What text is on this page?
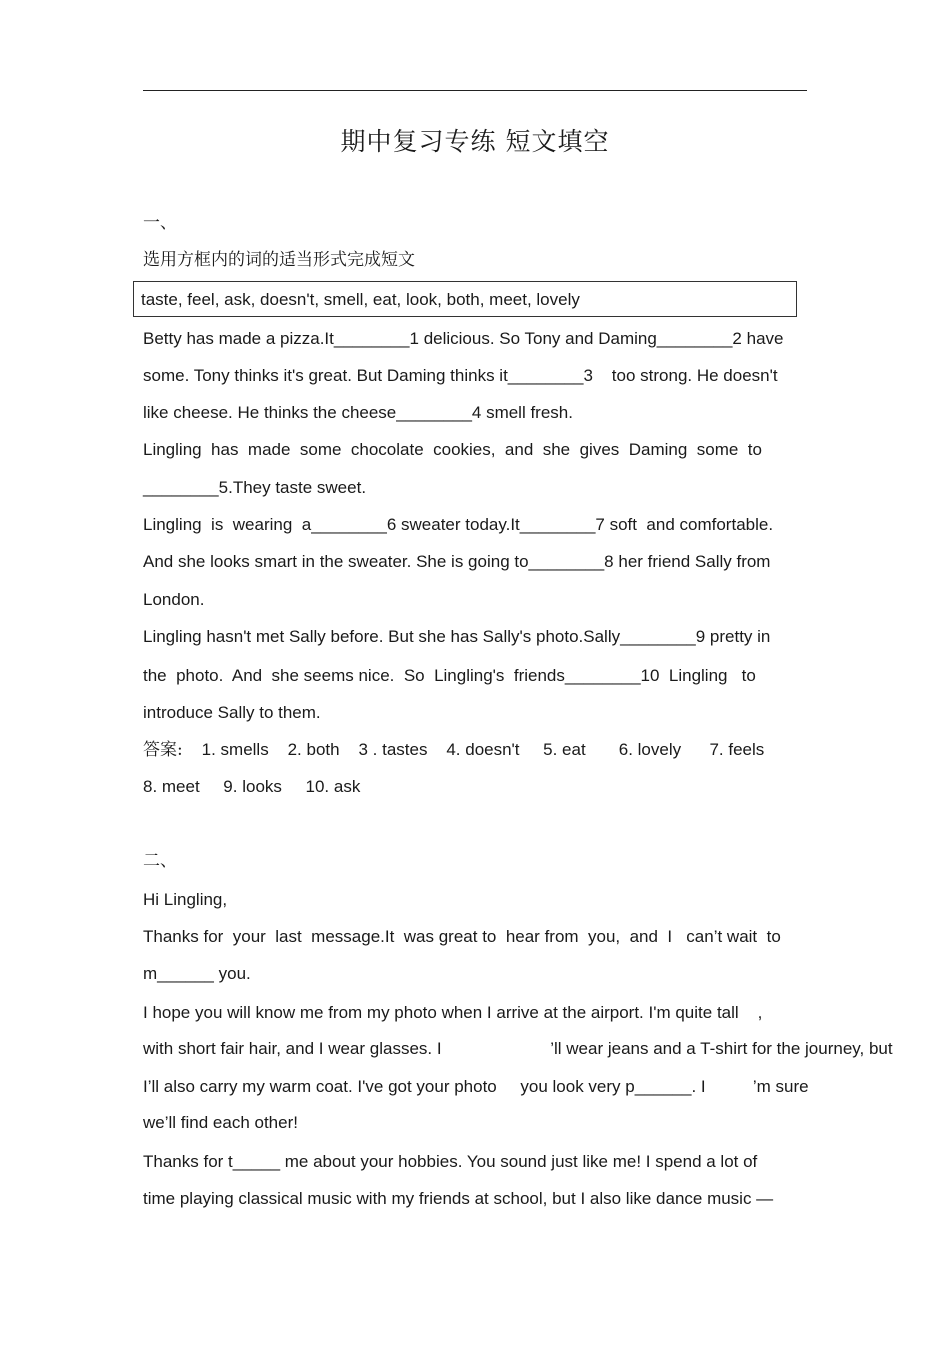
期中复习专练 短文填空
一、
选用方框内的词的适当形式完成短文
taste, feel, ask, doesn't, smell, eat, look, both, meet, lovely
Betty has made a pizza.It________1 delicious. So Tony and Daming________2 have
some. Tony thinks it's great. But Daming thinks it________3    too strong. He doesn't
like cheese. He thinks the cheese________4 smell fresh.
Lingling  has  made  some  chocolate  cookies,  and  she  gives  Daming  some  to
________5.They taste sweet.
Lingling  is  wearing  a________6 sweater today.It________7 soft  and comfortable.
And she looks smart in the sweater. She is going to________8 her friend Sally from
London.
Lingling hasn't met Sally before. But she has Sally's photo.Sally________9 pretty in
the  photo.  And  she seems nice.  So  Lingling's  friends________10  Lingling   to
introduce Sally to them.
答案:    1. smells    2. both    3 . tastes    4. doesn't     5. eat       6. lovely      7. feels
8. meet     9. looks     10. ask
二、
Hi Lingling,
Thanks for  your  last  message.It  was great to  hear from  you,  and  I   can’t wait  to
m______ you.
I hope you will know me from my photo when I arrive at the airport. I'm quite tall    ,
with short fair hair, and I wear glasses. I                       ’ll wear jeans and a T-shirt for the journey, but
I’ll also carry my warm coat. I've got your photo     you look very p______. I          ’m sure
we’ll find each other!
Thanks for t_____ me about your hobbies. You sound just like me! I spend a lot of
time playing classical music with my friends at school, but I also like dance music —
